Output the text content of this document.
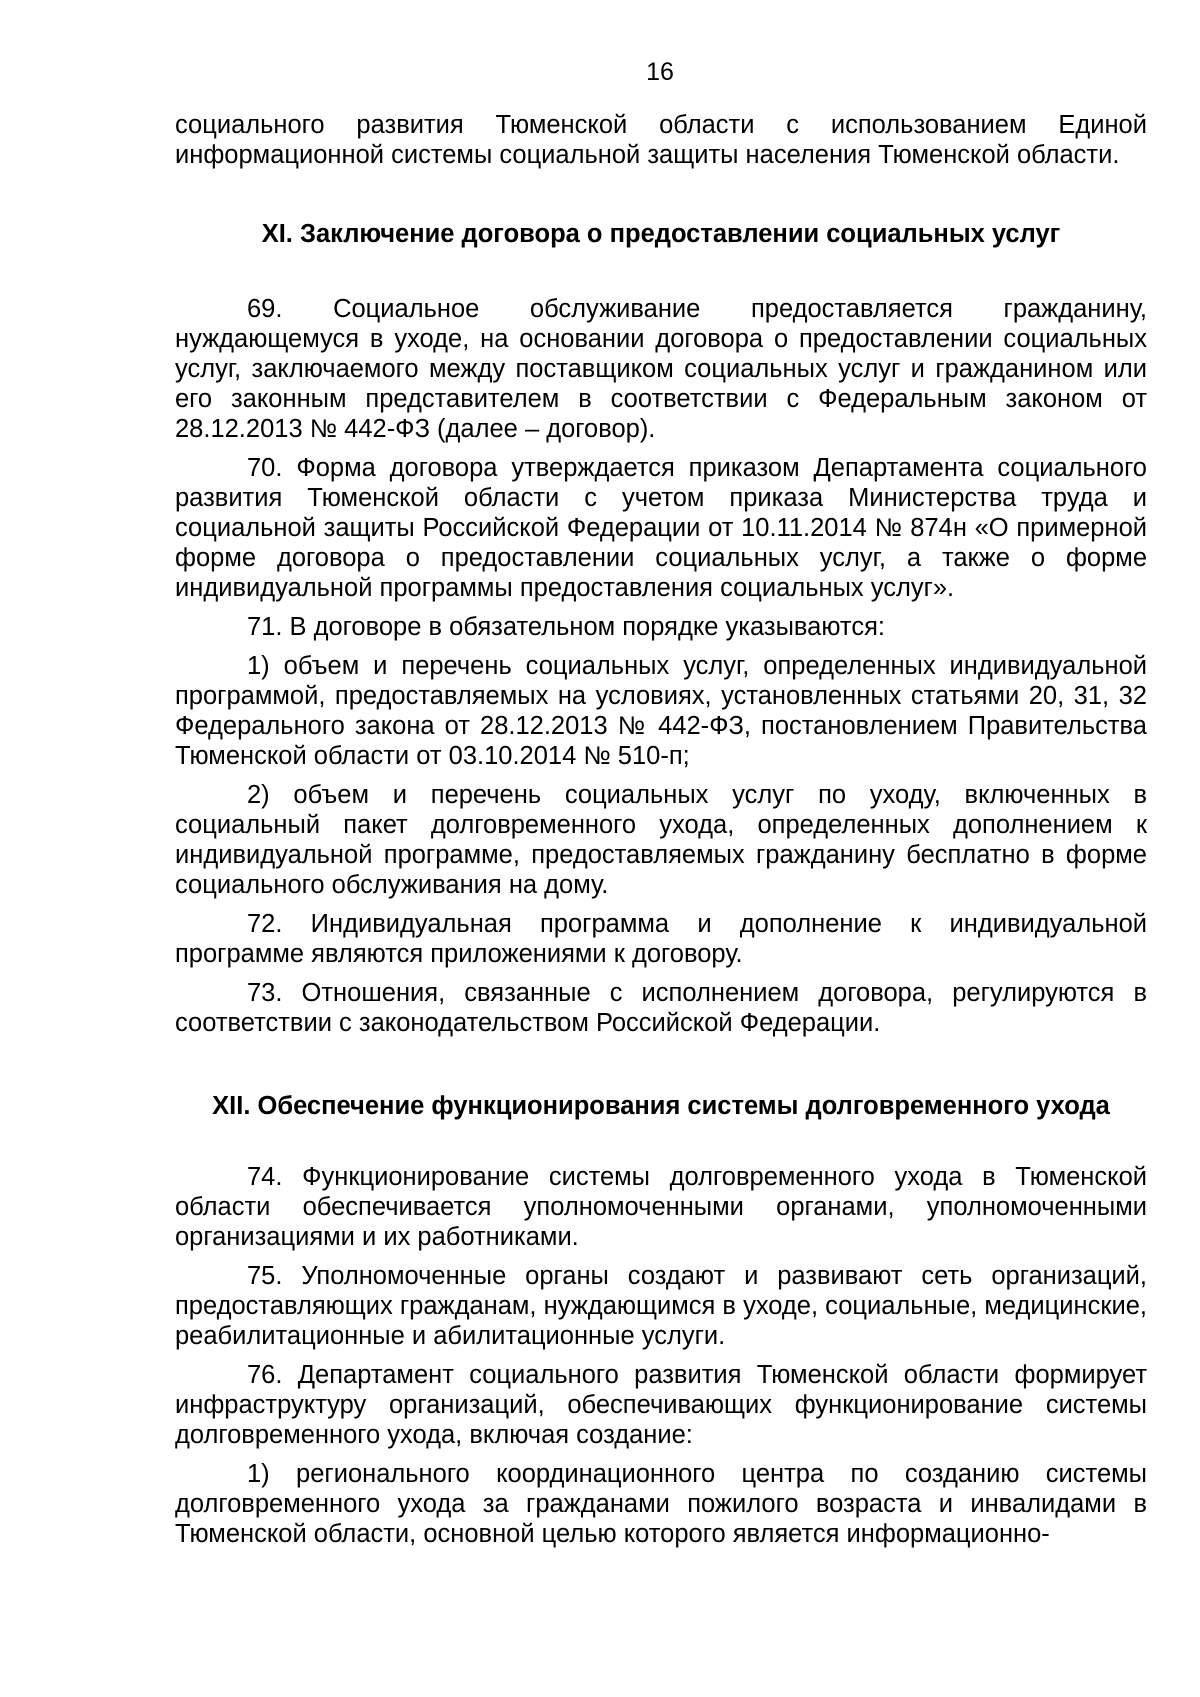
16

социального развития Тюменской области с использованием Единой информационной системы социальной защиты населения Тюменской области.

XI. Заключение договора о предоставлении социальных услуг

69. Социальное обслуживание предоставляется гражданину, нуждающемуся в уходе, на основании договора о предоставлении социальных услуг, заключаемого между поставщиком социальных услуг и гражданином или его законным представителем в соответствии с Федеральным законом от 28.12.2013 № 442-ФЗ (далее – договор).

70. Форма договора утверждается приказом Департамента социального развития Тюменской области с учетом приказа Министерства труда и социальной защиты Российской Федерации от 10.11.2014 № 874н «О примерной форме договора о предоставлении социальных услуг, а также о форме индивидуальной программы предоставления социальных услуг».

71. В договоре в обязательном порядке указываются:

1) объем и перечень социальных услуг, определенных индивидуальной программой, предоставляемых на условиях, установленных статьями 20, 31, 32 Федерального закона от 28.12.2013 № 442-ФЗ, постановлением Правительства Тюменской области от 03.10.2014 № 510-п;

2) объем и перечень социальных услуг по уходу, включенных в социальный пакет долговременного ухода, определенных дополнением к индивидуальной программе, предоставляемых гражданину бесплатно в форме социального обслуживания на дому.

72. Индивидуальная программа и дополнение к индивидуальной программе являются приложениями к договору.

73. Отношения, связанные с исполнением договора, регулируются в соответствии с законодательством Российской Федерации.

XII. Обеспечение функционирования системы долговременного ухода

74. Функционирование системы долговременного ухода в Тюменской области обеспечивается уполномоченными органами, уполномоченными организациями и их работниками.

75. Уполномоченные органы создают и развивают сеть организаций, предоставляющих гражданам, нуждающимся в уходе, социальные, медицинские, реабилитационные и абилитационные услуги.

76. Департамент социального развития Тюменской области формирует инфраструктуру организаций, обеспечивающих функционирование системы долговременного ухода, включая создание:

1) регионального координационного центра по созданию системы долговременного ухода за гражданами пожилого возраста и инвалидами в Тюменской области, основной целью которого является информационно-
